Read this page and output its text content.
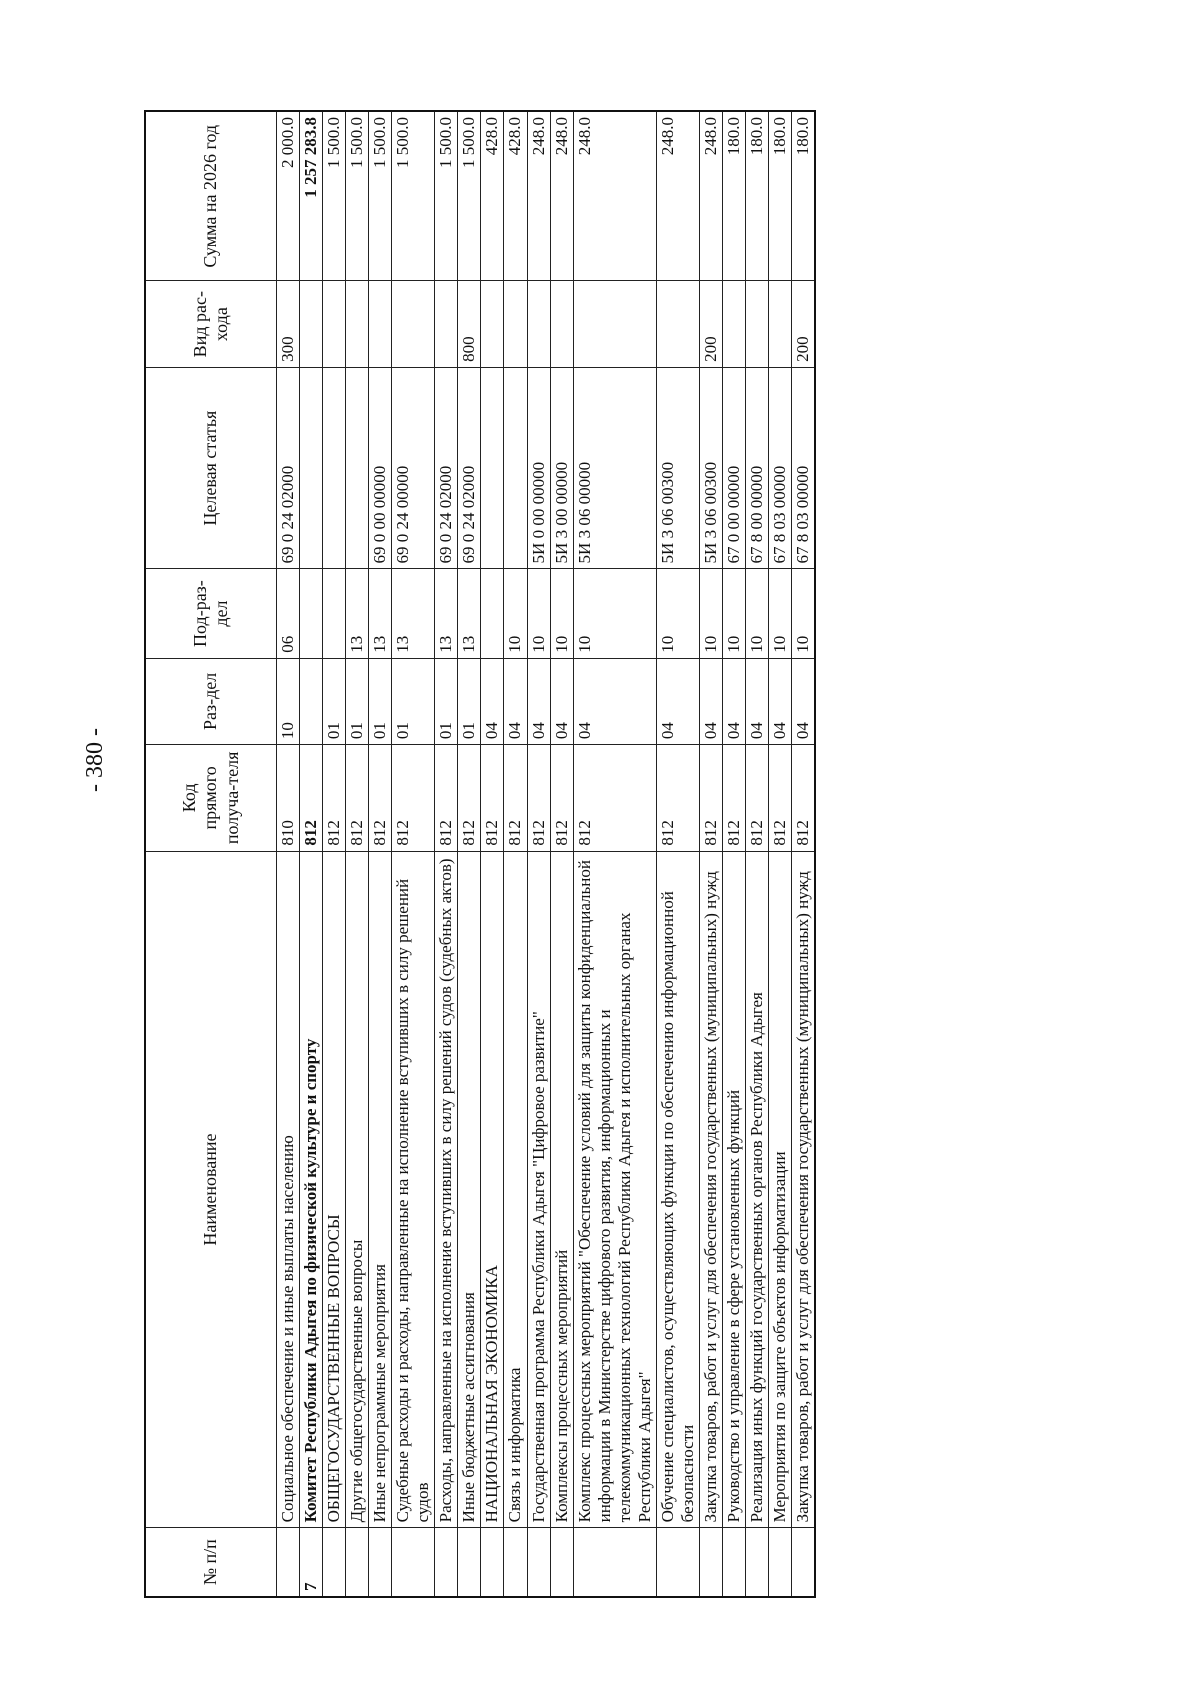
- 380 -
№ п/п	Наименование	Код прямого получа-теля	Раз-дел	Под-раз-дел	Целевая статья	Вид рас-хода	Сумма на 2026 год
	Социальное обеспечение и иные выплаты населению	810	10	06	69 0 24 02000	300	2 000.0
7	Комитет Республики Адыгея по физической культуре и спорту	812					1 257 283.8
	ОБЩЕГОСУДАРСТВЕННЫЕ ВОПРОСЫ	812	01				1 500.0
	Другие общегосударственные вопросы	812	01	13			1 500.0
	Иные непрограммные мероприятия	812	01	13	69 0 00 00000		1 500.0
	Судебные расходы и расходы, направленные на исполнение вступивших в силу решений судов	812	01	13	69 0 24 00000		1 500.0
	Расходы, направленные на исполнение вступивших в силу решений судов (судебных актов)	812	01	13	69 0 24 02000		1 500.0
	Иные бюджетные ассигнования	812	01	13	69 0 24 02000	800	1 500.0
	НАЦИОНАЛЬНАЯ ЭКОНОМИКА	812	04				428.0
	Связь и информатика	812	04	10			428.0
	Государственная программа Республики Адыгея "Цифровое развитие"	812	04	10	5И 0 00 00000		248.0
	Комплексы процессных мероприятий	812	04	10	5И 3 00 00000		248.0
	Комплекс процессных мероприятий "Обеспечение условий для защиты конфиденциальной информации в Министерстве цифрового развития, информационных и телекоммуникационных технологий Республики Адыгея и исполнительных органах Республики Адыгея"	812	04	10	5И 3 06 00000		248.0
	Обучение специалистов, осуществляющих функции по обеспечению информационной безопасности	812	04	10	5И 3 06 00300		248.0
	Закупка товаров, работ и услуг для обеспечения государственных (муниципальных) нужд	812	04	10	5И 3 06 00300	200	248.0
	Руководство и управление в сфере установленных функций	812	04	10	67 0 00 00000		180.0
	Реализация иных функций государственных органов Республики Адыгея	812	04	10	67 8 00 00000		180.0
	Мероприятия по защите объектов информатизации	812	04	10	67 8 03 00000		180.0
	Закупка товаров, работ и услуг для обеспечения государственных (муниципальных) нужд	812	04	10	67 8 03 00000	200	180.0
